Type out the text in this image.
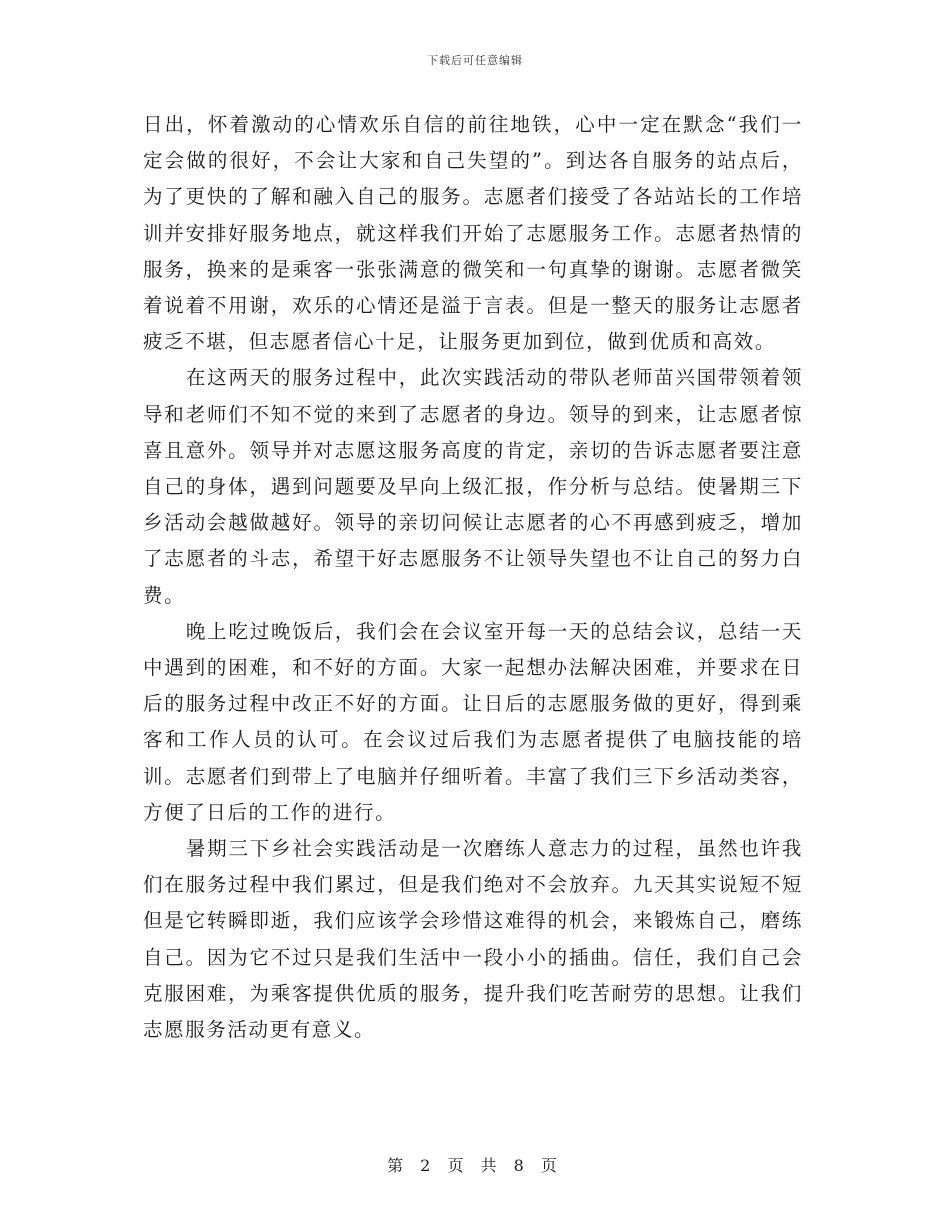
下载后可任意编辑

日出，怀着激动的心情欢乐自信的前往地铁，心中一定在默念“我们一定会做的很好，不会让大家和自己失望的”。到达各自服务的站点后，为了更快的了解和融入自己的服务。志愿者们接受了各站站长的工作培训并安排好服务地点，就这样我们开始了志愿服务工作。志愿者热情的服务，换来的是乘客一张张满意的微笑和一句真挚的谢谢。志愿者微笑着说着不用谢，欢乐的心情还是溢于言表。但是一整天的服务让志愿者疲乏不堪，但志愿者信心十足，让服务更加到位，做到优质和高效。

在这两天的服务过程中，此次实践活动的带队老师苗兴国带领着领导和老师们不知不觉的来到了志愿者的身边。领导的到来，让志愿者惊喜且意外。领导并对志愿这服务高度的肯定，亲切的告诉志愿者要注意自己的身体，遇到问题要及早向上级汇报，作分析与总结。使暑期三下乡活动会越做越好。领导的亲切问候让志愿者的心不再感到疲乏，增加了志愿者的斗志，希望干好志愿服务不让领导失望也不让自己的努力白费。

晚上吃过晚饭后，我们会在会议室开每一天的总结会议，总结一天中遇到的困难，和不好的方面。大家一起想办法解决困难，并要求在日后的服务过程中改正不好的方面。让日后的志愿服务做的更好，得到乘客和工作人员的认可。在会议过后我们为志愿者提供了电脑技能的培训。志愿者们到带上了电脑并仔细听着。丰富了我们三下乡活动类容，方便了日后的工作的进行。

暑期三下乡社会实践活动是一次磨练人意志力的过程，虽然也许我们在服务过程中我们累过，但是我们绝对不会放弃。九天其实说短不短但是它转瞬即逝，我们应该学会珍惜这难得的机会，来锻炼自己，磨练自己。因为它不过只是我们生活中一段小小的插曲。信任，我们自己会克服困难，为乘客提供优质的服务，提升我们吃苦耐劳的思想。让我们志愿服务活动更有意义。

第 2 页 共 8 页
